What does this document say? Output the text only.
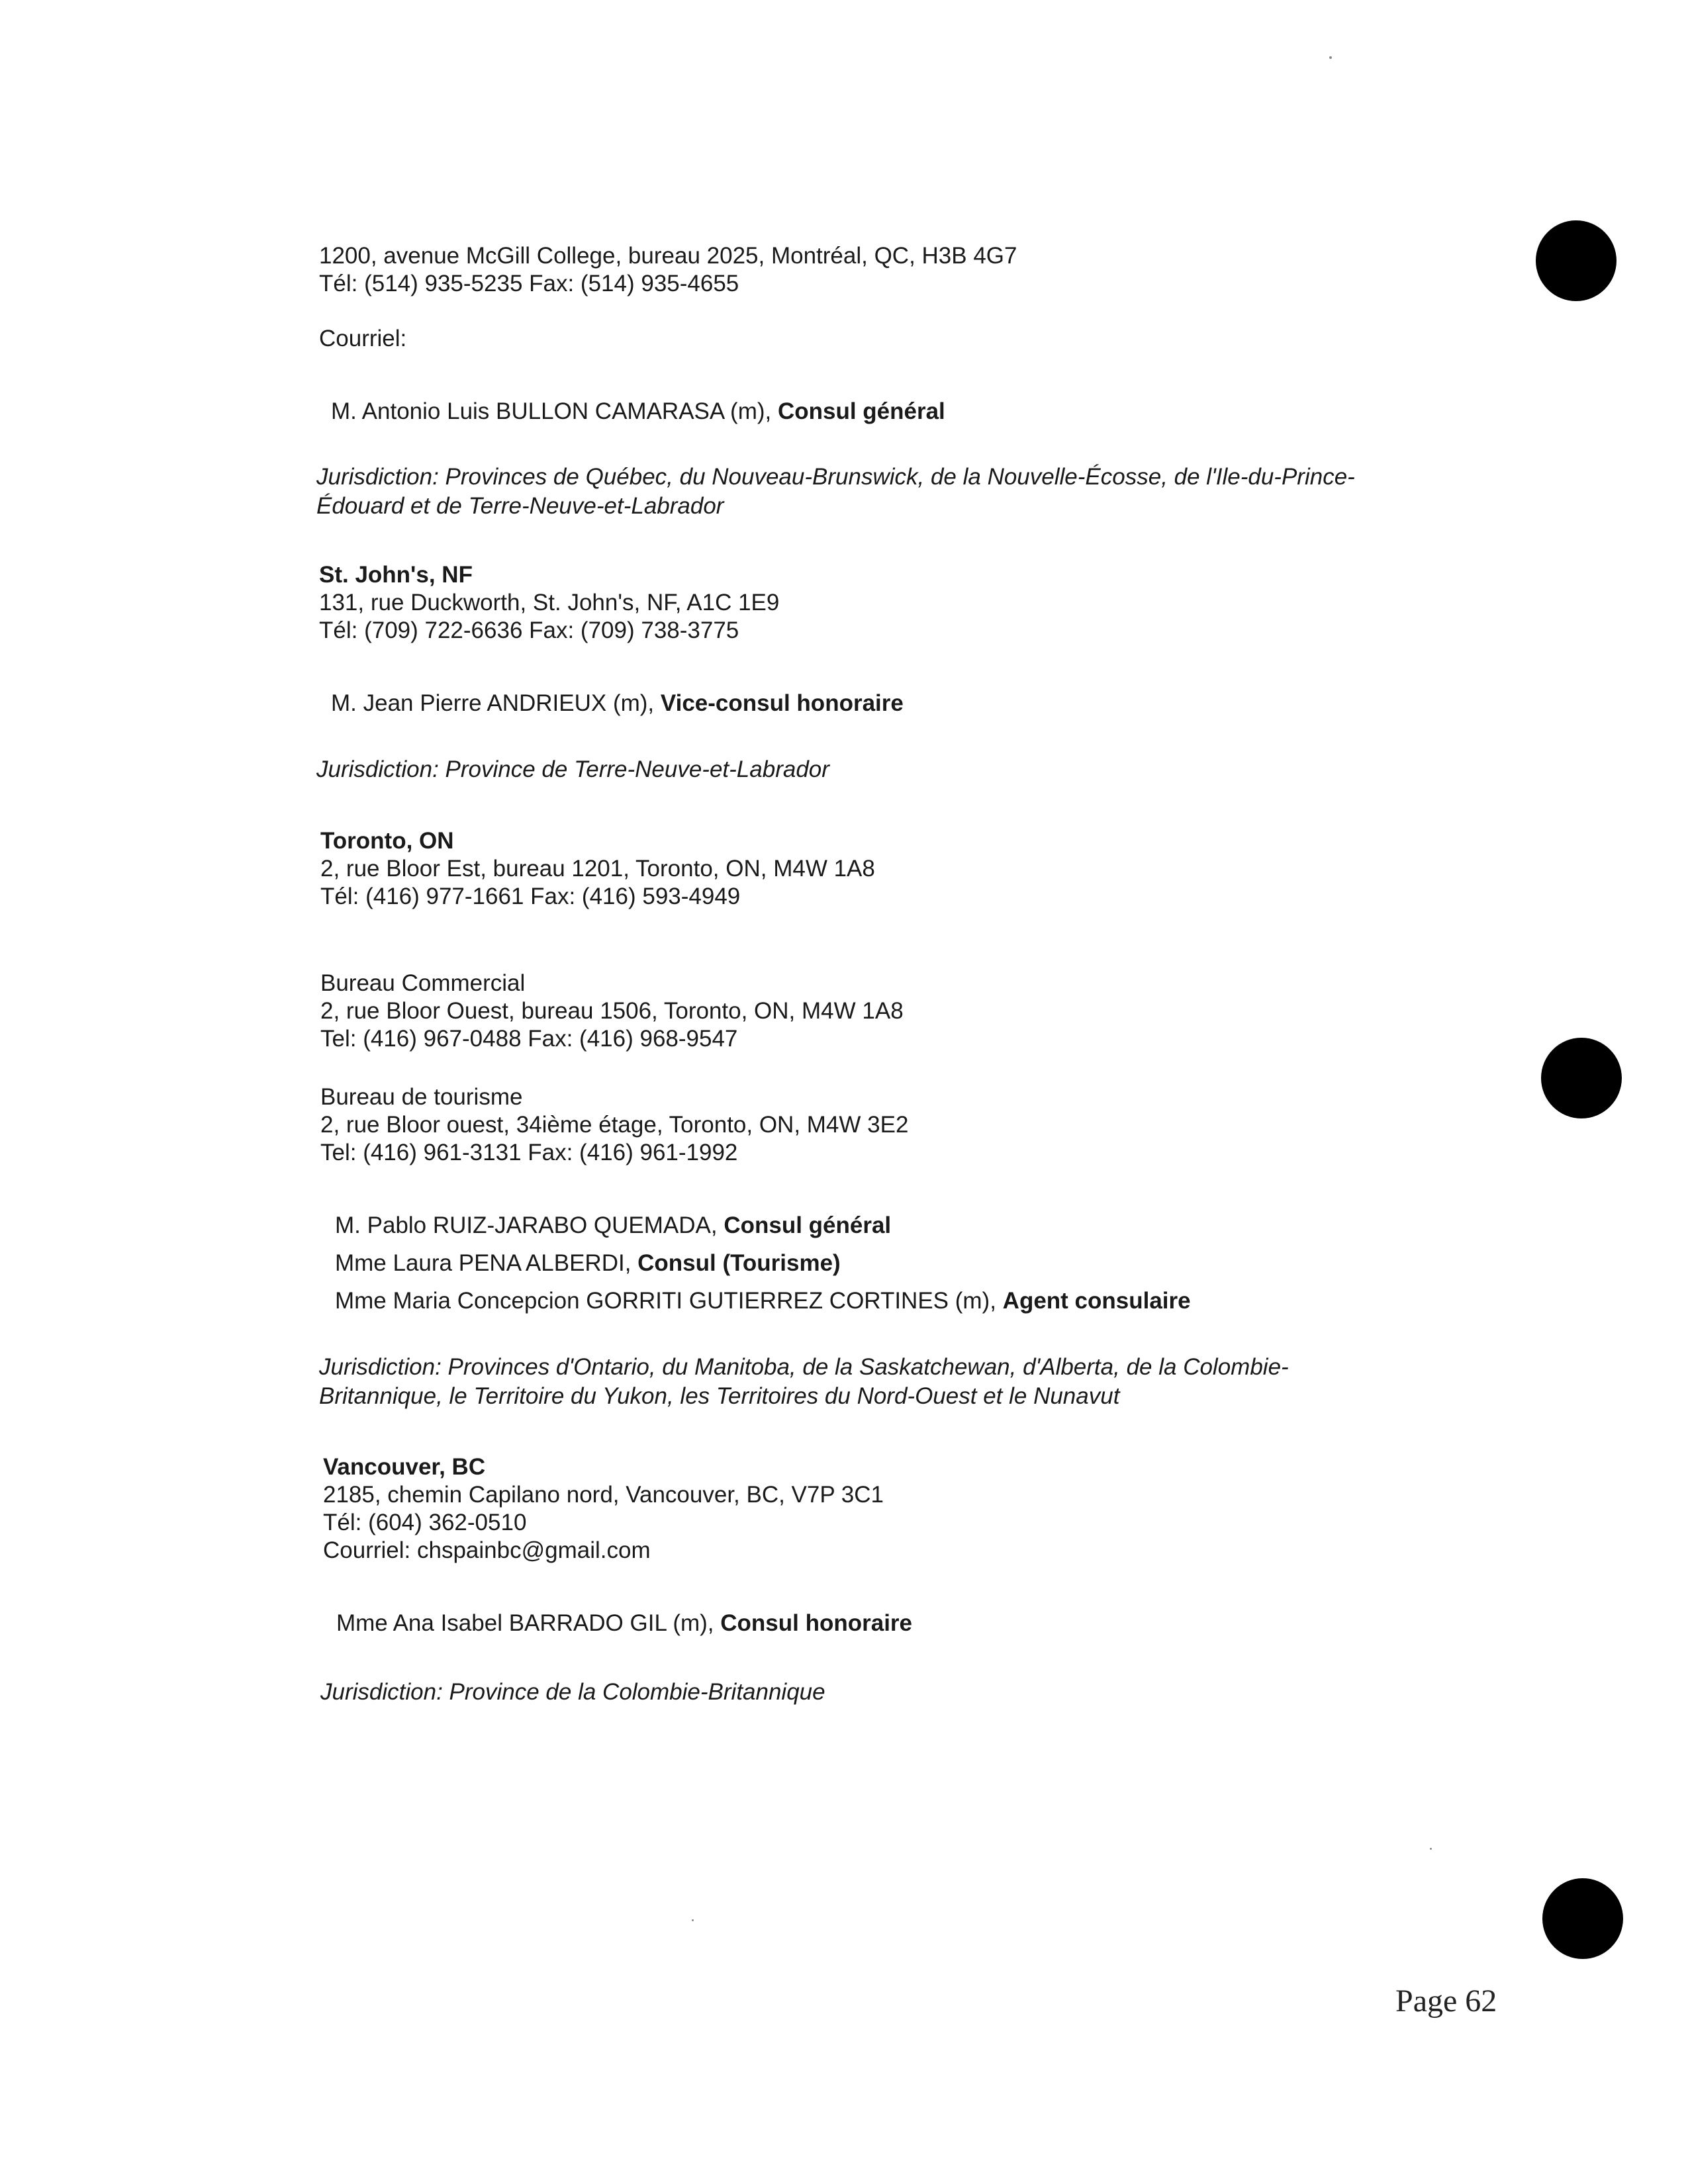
1200, avenue McGill College, bureau 2025, Montréal, QC, H3B 4G7

Tél: (514) 935-5235 Fax: (514) 935-4655

Courriel:

M. Antonio Luis BULLON CAMARASA (m), Consul général

Jurisdiction: Provinces de Québec, du Nouveau-Brunswick, de la Nouvelle-Écosse, de l'Ile-du-Prince-

Édouard et de Terre-Neuve-et-Labrador

St. John's, NF

131, rue Duckworth, St. John's, NF, A1C 1E9

Tél: (709) 722-6636 Fax: (709) 738-3775

M. Jean Pierre ANDRIEUX (m), Vice-consul honoraire

Jurisdiction: Province de Terre-Neuve-et-Labrador

Toronto, ON

2, rue Bloor Est, bureau 1201, Toronto, ON, M4W 1A8

Tél: (416) 977-1661 Fax: (416) 593-4949

Bureau Commercial

2, rue Bloor Ouest, bureau 1506, Toronto, ON, M4W 1A8

Tel: (416) 967-0488 Fax: (416) 968-9547

Bureau de tourisme

2, rue Bloor ouest, 34ième étage, Toronto, ON, M4W 3E2

Tel: (416) 961-3131 Fax: (416) 961-1992

M. Pablo RUIZ-JARABO QUEMADA, Consul général

Mme Laura PENA ALBERDI, Consul (Tourisme)

Mme Maria Concepcion GORRITI GUTIERREZ CORTINES (m), Agent consulaire

Jurisdiction: Provinces d'Ontario, du Manitoba, de la Saskatchewan, d'Alberta, de la Colombie-

Britannique, le Territoire du Yukon, les Territoires du Nord-Ouest et le Nunavut

Vancouver, BC

2185, chemin Capilano nord, Vancouver, BC, V7P 3C1

Tél: (604) 362-0510

Courriel: chspainbc@gmail.com

Mme Ana Isabel BARRADO GIL (m), Consul honoraire

Jurisdiction: Province de la Colombie-Britannique

Page 62
